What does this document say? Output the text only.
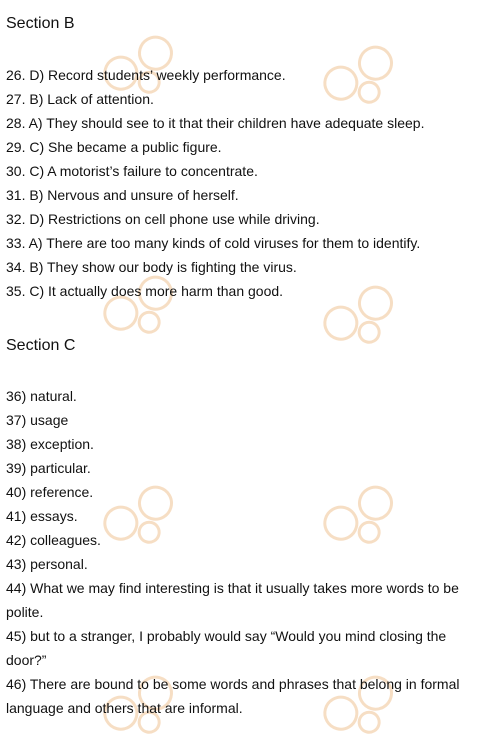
Section B
26. D) Record students’ weekly performance.
27. B) Lack of attention.
28. A) They should see to it that their children have adequate sleep.
29. C) She became a public figure.
30. C) A motorist’s failure to concentrate.
31. B) Nervous and unsure of herself.
32. D) Restrictions on cell phone use while driving.
33. A) There are too many kinds of cold viruses for them to identify.
34. B) They show our body is fighting the virus.
35. C) It actually does more harm than good.
Section C
36) natural.
37) usage
38) exception.
39) particular.
40) reference.
41) essays.
42) colleagues.
43) personal.
44) What we may find interesting is that it usually takes more words to be polite.
45) but to a stranger, I probably would say “Would you mind closing the door?”
46) There are bound to be some words and phrases that belong in formal language and others that are informal.
